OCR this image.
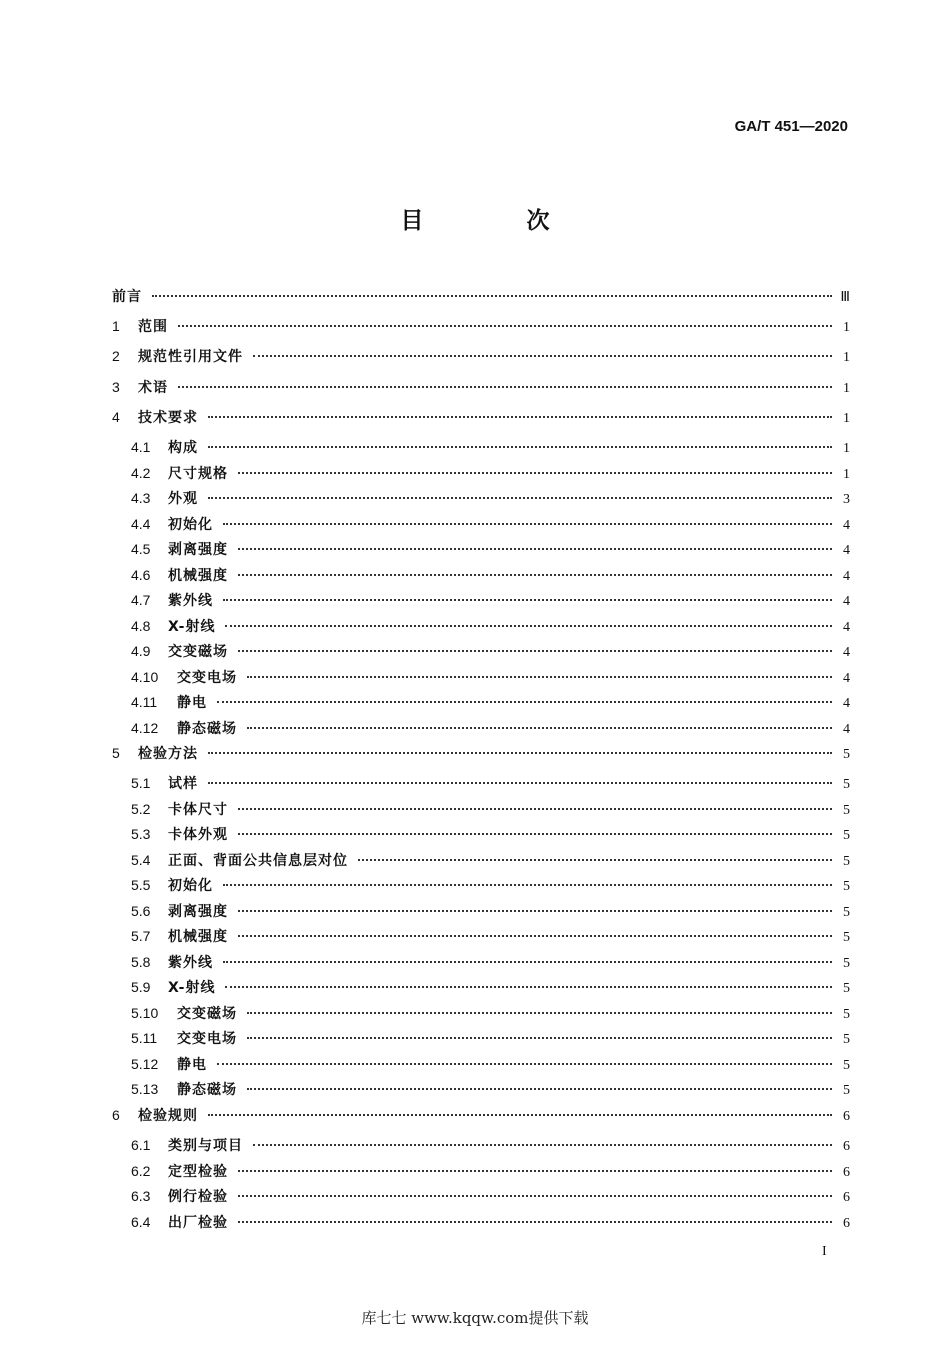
GA/T 451—2020
目　次
前言	Ⅲ
1	范围	1
2	规范性引用文件	1
3	术语	1
4	技术要求	1
4.1	构成	1
4.2	尺寸规格	1
4.3	外观	3
4.4	初始化	4
4.5	剥离强度	4
4.6	机械强度	4
4.7	紫外线	4
4.8	X-射线	4
4.9	交变磁场	4
4.10	交变电场	4
4.11	静电	4
4.12	静态磁场	4
5	检验方法	5
5.1	试样	5
5.2	卡体尺寸	5
5.3	卡体外观	5
5.4	正面、背面公共信息层对位	5
5.5	初始化	5
5.6	剥离强度	5
5.7	机械强度	5
5.8	紫外线	5
5.9	X-射线	5
5.10	交变磁场	5
5.11	交变电场	5
5.12	静电	5
5.13	静态磁场	5
6	检验规则	6
6.1	类别与项目	6
6.2	定型检验	6
6.3	例行检验	6
6.4	出厂检验	6
I
库七七 www.kqqw.com提供下载
